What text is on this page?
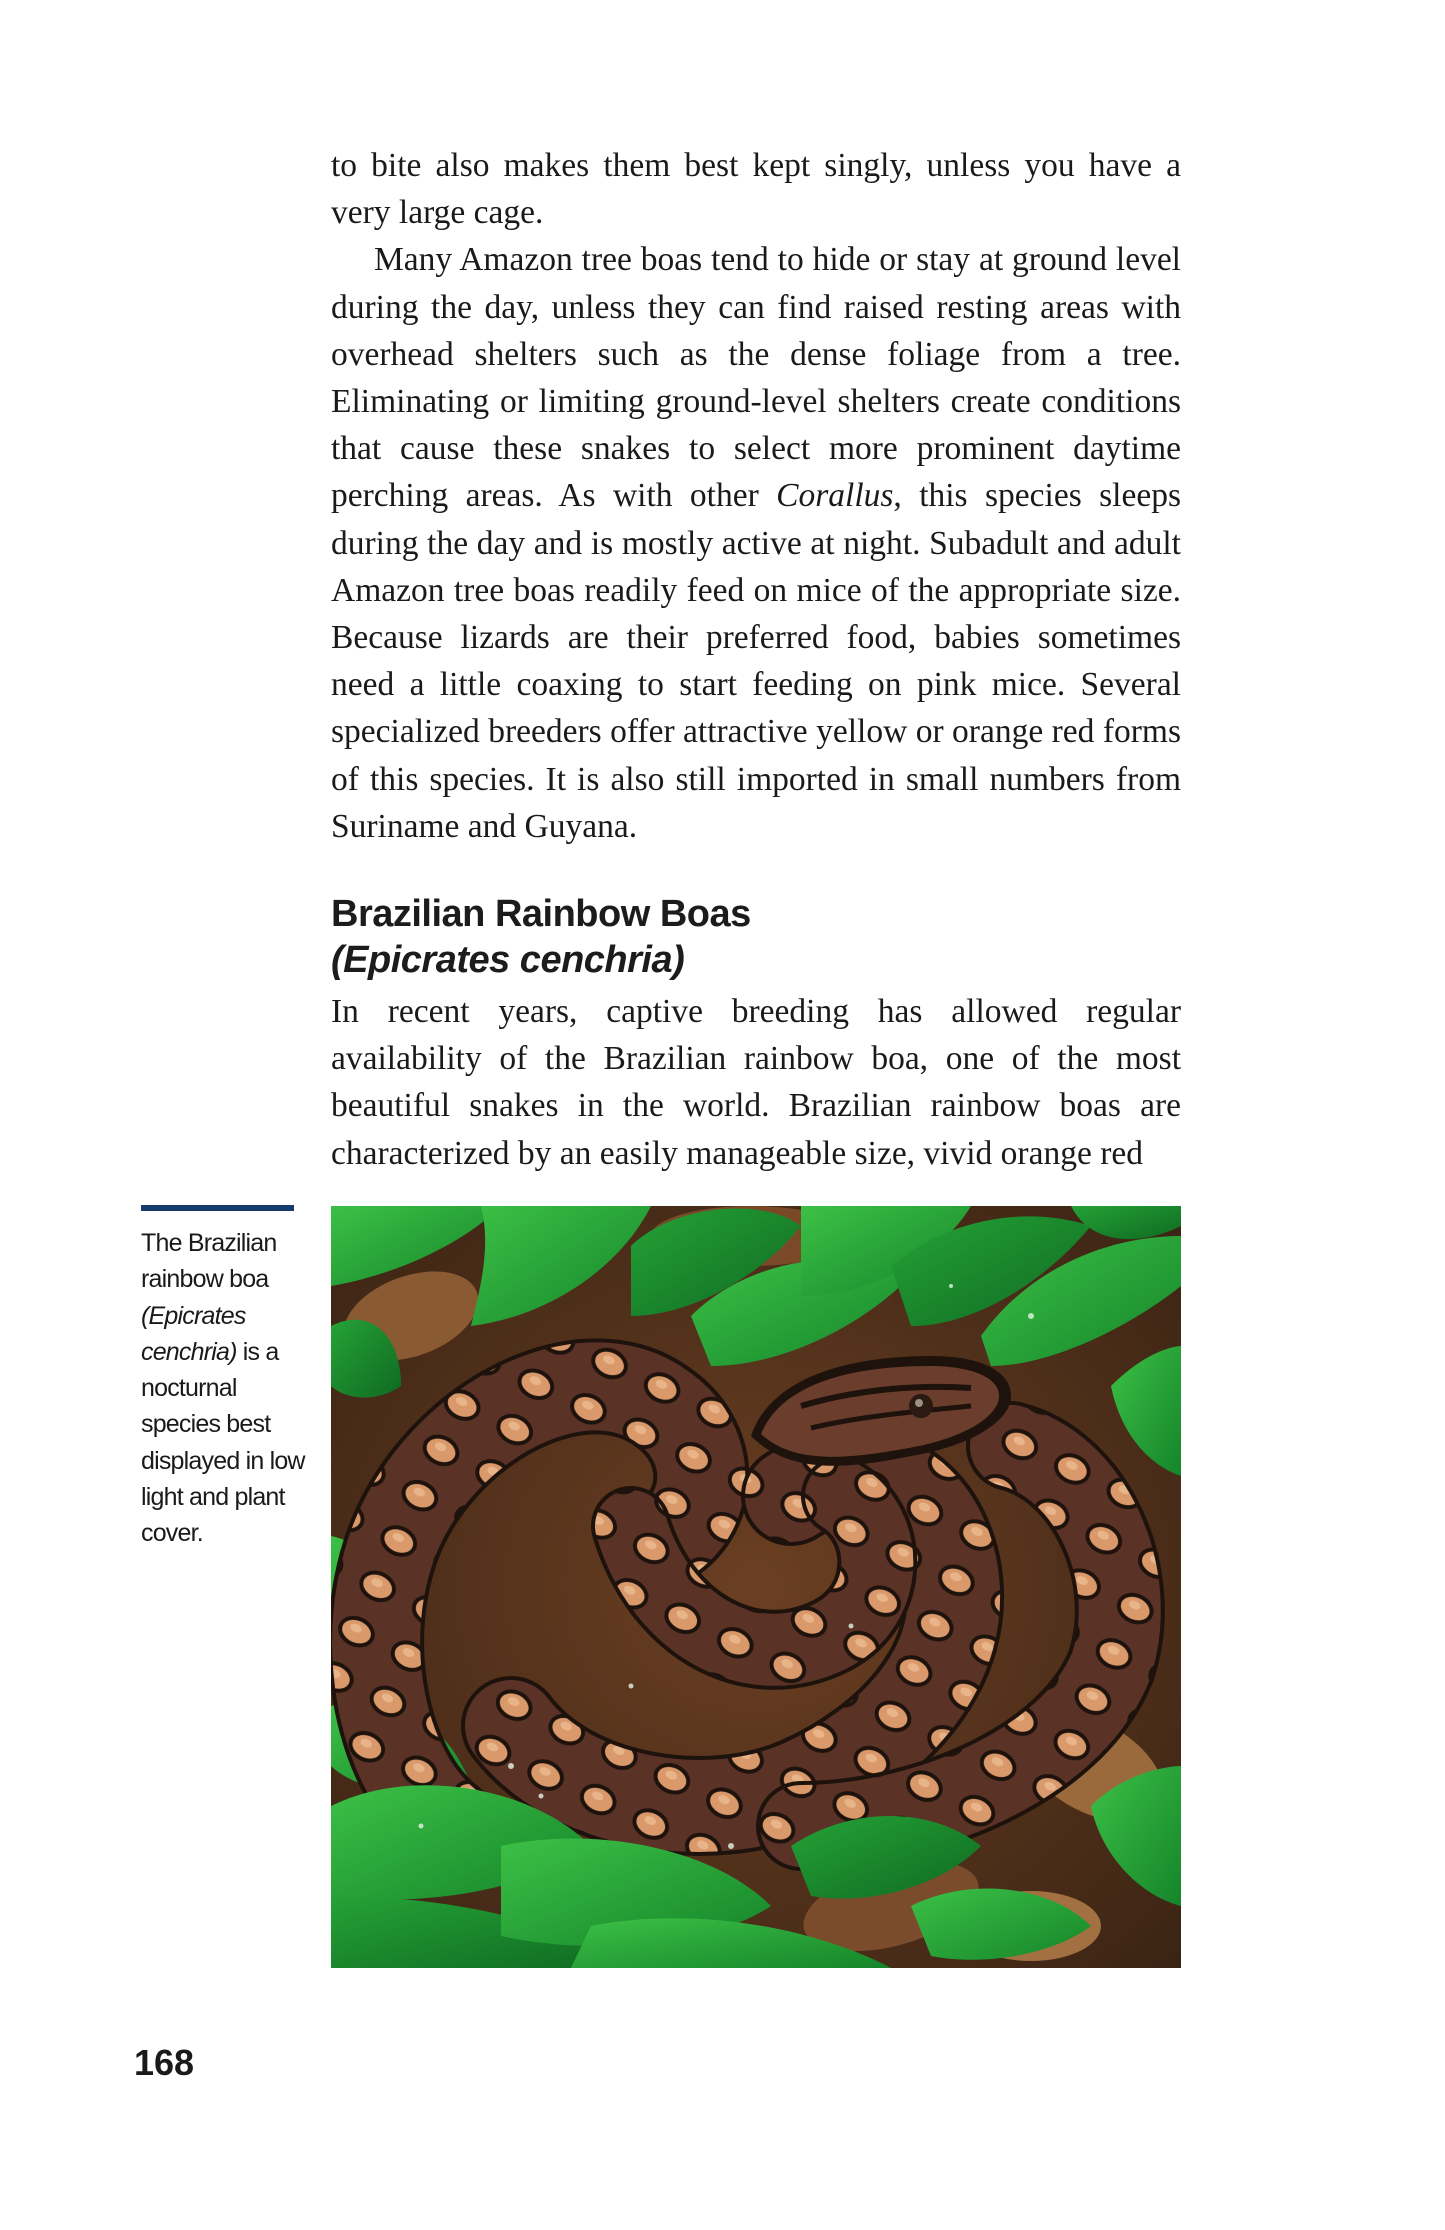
to bite also makes them best kept singly, unless you have a very large cage.

Many Amazon tree boas tend to hide or stay at ground level during the day, unless they can find raised resting areas with overhead shelters such as the dense foliage from a tree. Eliminating or limiting ground-level shelters create conditions that cause these snakes to select more prominent daytime perching areas. As with other Corallus, this species sleeps during the day and is mostly active at night. Subadult and adult Amazon tree boas readily feed on mice of the appropriate size. Because lizards are their preferred food, babies sometimes need a little coaxing to start feeding on pink mice. Several specialized breeders offer attractive yellow or orange red forms of this species. It is also still imported in small numbers from Suriname and Guyana.

Brazilian Rainbow Boas
(Epicrates cenchria)

In recent years, captive breeding has allowed regular availability of the Brazilian rainbow boa, one of the most beautiful snakes in the world. Brazilian rainbow boas are characterized by an easily manageable size, vivid orange red

The Brazilian rainbow boa (Epicrates cenchria) is a nocturnal species best displayed in low light and plant cover.
168
